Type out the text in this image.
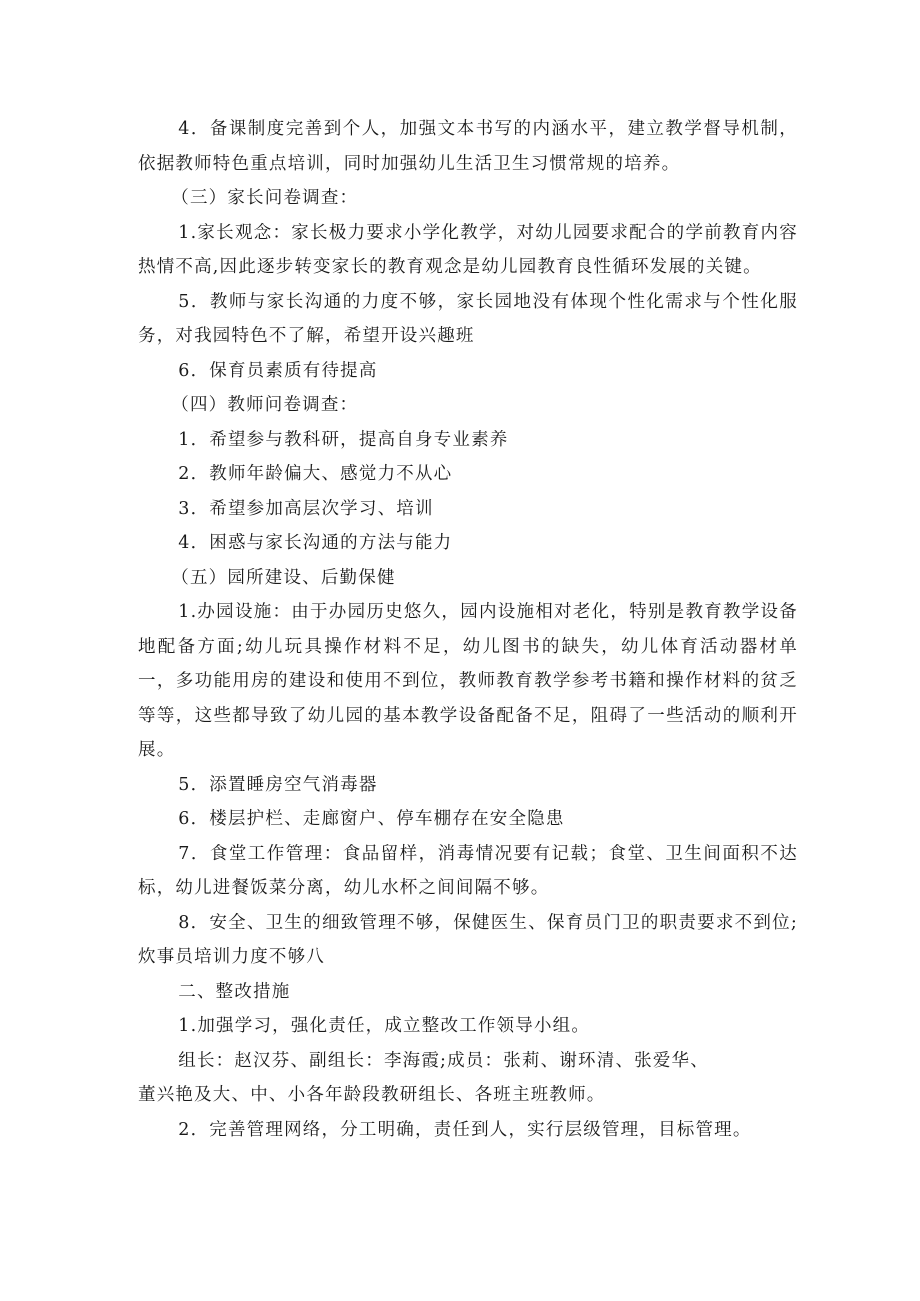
4．备课制度完善到个人，加强文本书写的内涵水平，建立教学督导机制，依据教师特色重点培训，同时加强幼儿生活卫生习惯常规的培养。

（三）家长问卷调查：

1.家长观念：家长极力要求小学化教学，对幼儿园要求配合的学前教育内容热情不高,因此逐步转变家长的教育观念是幼儿园教育良性循环发展的关键。

5．教师与家长沟通的力度不够，家长园地没有体现个性化需求与个性化服务，对我园特色不了解，希望开设兴趣班

6．保育员素质有待提高

（四）教师问卷调查：

1．希望参与教科研，提高自身专业素养

2．教师年龄偏大、感觉力不从心

3．希望参加高层次学习、培训

4．困惑与家长沟通的方法与能力

（五）园所建设、后勤保健

1.办园设施：由于办园历史悠久，园内设施相对老化，特别是教育教学设备地配备方面;幼儿玩具操作材料不足，幼儿图书的缺失，幼儿体育活动器材单一，多功能用房的建设和使用不到位，教师教育教学参考书籍和操作材料的贫乏等等，这些都导致了幼儿园的基本教学设备配备不足，阻碍了一些活动的顺利开展。

5．添置睡房空气消毒器

6．楼层护栏、走廊窗户、停车棚存在安全隐患

7．食堂工作管理：食品留样，消毒情况要有记载；食堂、卫生间面积不达标，幼儿进餐饭菜分离，幼儿水杯之间间隔不够。

8．安全、卫生的细致管理不够，保健医生、保育员门卫的职责要求不到位;炊事员培训力度不够八

二、整改措施

1.加强学习，强化责任，成立整改工作领导小组。

组长：赵汉芬、副组长：李海霞;成员：张莉、谢环清、张爱华、

董兴艳及大、中、小各年龄段教研组长、各班主班教师。

2．完善管理网络，分工明确，责任到人，实行层级管理，目标管理。
